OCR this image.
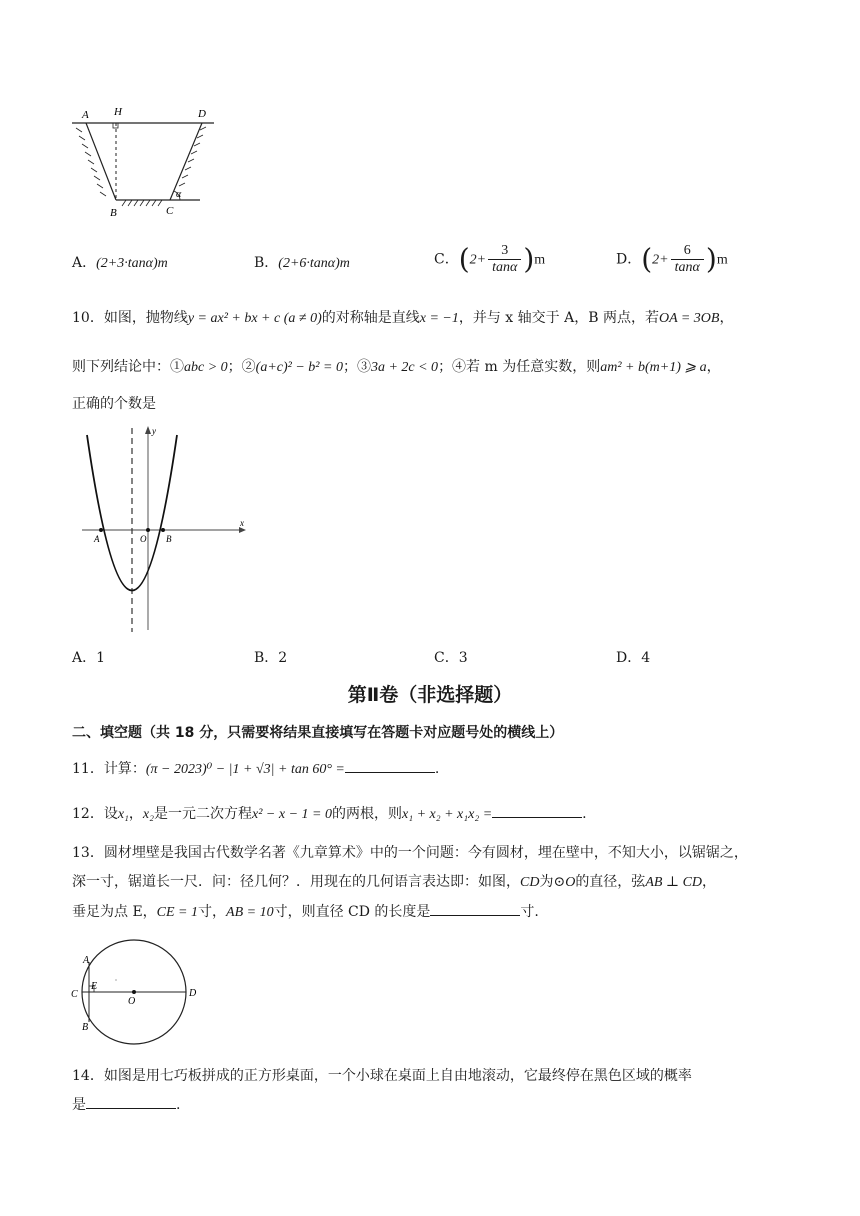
A H	D
B	C
α
A．(2+3·tanα)m	B．(2+6·tanα)m	C．$(2+ \frac{3}{\tan\alpha} )m$	D．$(2+ \frac{6}{\tan\alpha} )m$
10．如图，抛物线y = ax² + bx + c (a ≠ 0)的对称轴是直线x = −1，并与 x 轴交于 A，B 两点，若OA = 3OB，
则下列结论中：①abc > 0；②(a+c)² − b² = 0；③3a + 2c < 0；④若 m 为任意实数，则am² + b(m+1) ⩾ a，
正确的个数是
y
x
A	O B
A．1	B．2	C．3	D．4
第Ⅱ卷（非选择题）
二、填空题（共 18 分，只需要将结果直接填写在答题卡对应题号处的横线上）
11．计算：(π − 2023)⁰ − |1 + √3| + tan 60° =	.
12．设x₁，x₂是一元二次方程x² − x − 1 = 0的两根，则x₁ + x₂ + x₁x₂ =	.
13．圆材埋壁是我国古代数学名著《九章算术》中的一个问题：今有圆材，埋在壁中，不知大小，以锯锯之，
深一寸，锯道长一尺．问：径几何？．用现在的几何语言表达即：如图，CD为⊙O的直径，弦AB ⊥ CD，
垂足为点 E，CE = 1寸，AB = 10寸，则直径 CD 的长度是	寸.
A
C
E
O
D
B
14．如图是用七巧板拼成的正方形桌面，一个小球在桌面上自由地滚动，它最终停在黑色区域的概率
是	.
